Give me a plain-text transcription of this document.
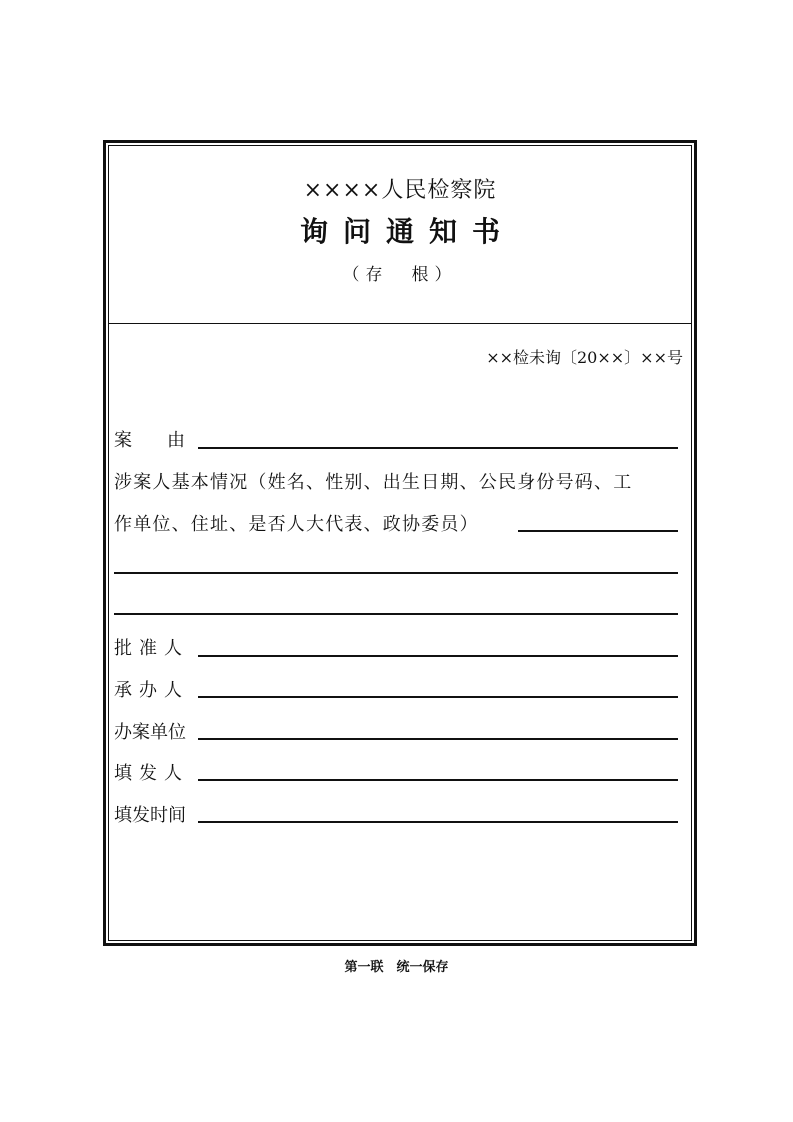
××××人民检察院
询问通知书
（存　根）
××检未询〔20××〕××号
案由
涉案人基本情况（姓名、性别、出生日期、公民身份号码、工
作单位、住址、是否人大代表、政协委员）
批准人
承办人
办案单位
填发人
填发时间
第一联　统一保存
